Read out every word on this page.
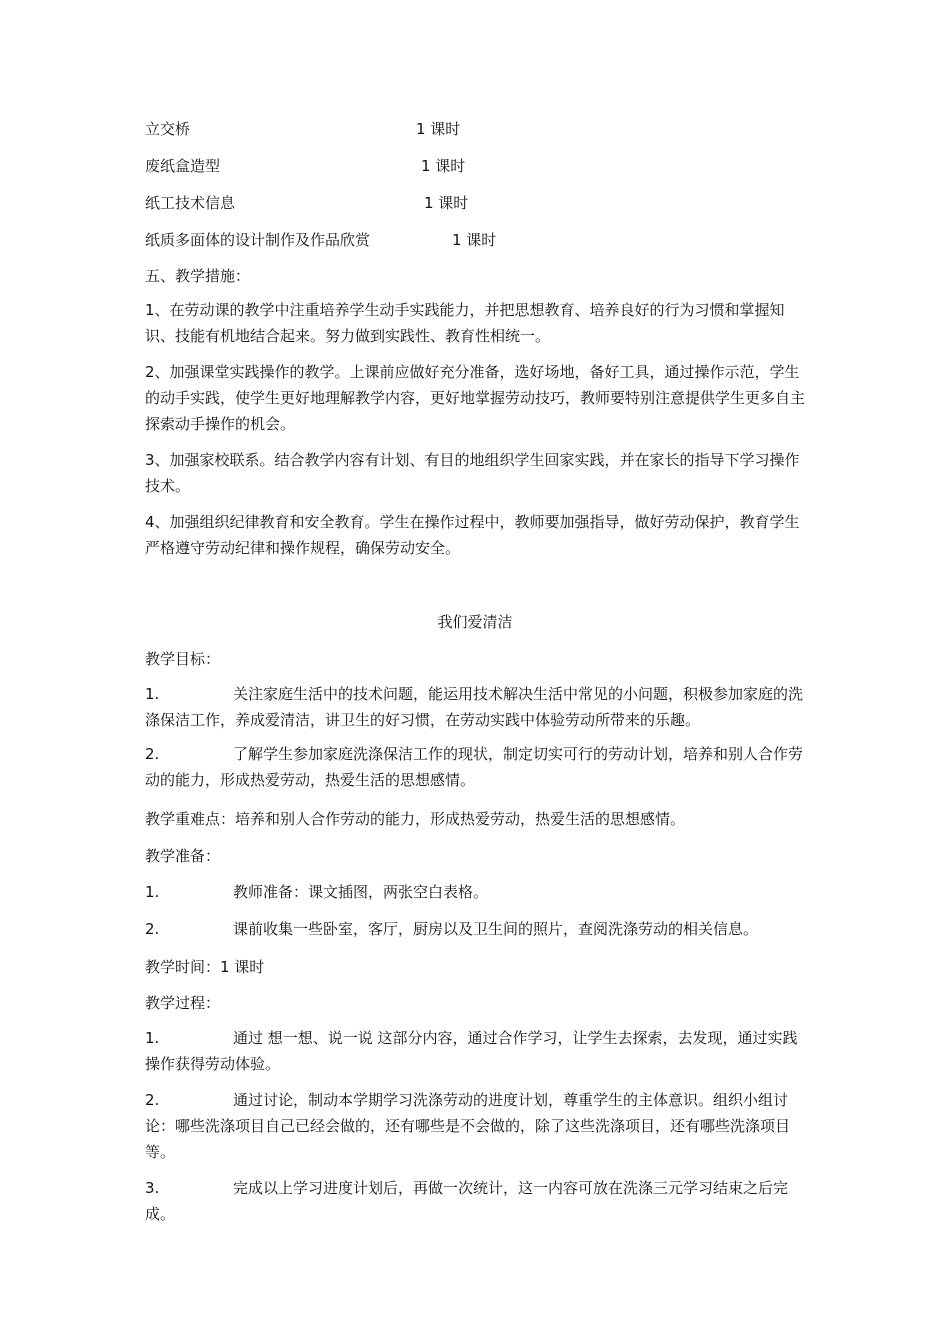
立交桥	1 课时
废纸盒造型	1 课时
纸工技术信息	1 课时
纸质多面体的设计制作及作品欣赏	1 课时
五、教学措施：
1、在劳动课的教学中注重培养学生动手实践能力，并把思想教育、培养良好的行为习惯和掌握知识、技能有机地结合起来。努力做到实践性、教育性相统一。
2、加强课堂实践操作的教学。上课前应做好充分准备，选好场地，备好工具，通过操作示范，学生的动手实践，使学生更好地理解教学内容，更好地掌握劳动技巧，教师要特别注意提供学生更多自主探索动手操作的机会。
3、加强家校联系。结合教学内容有计划、有目的地组织学生回家实践，并在家长的指导下学习操作技术。
4、加强组织纪律教育和安全教育。学生在操作过程中，教师要加强指导，做好劳动保护，教育学生严格遵守劳动纪律和操作规程，确保劳动安全。
我们爱清洁
教学目标：
1.	关注家庭生活中的技术问题，能运用技术解决生活中常见的小问题，积极参加家庭的洗涤保洁工作，养成爱清洁，讲卫生的好习惯，在劳动实践中体验劳动所带来的乐趣。
2.	了解学生参加家庭洗涤保洁工作的现状，制定切实可行的劳动计划，培养和别人合作劳动的能力，形成热爱劳动，热爱生活的思想感情。
教学重难点：培养和别人合作劳动的能力，形成热爱劳动，热爱生活的思想感情。
教学准备：
1.	教师准备：课文插图，两张空白表格。
2.	课前收集一些卧室，客厅，厨房以及卫生间的照片，查阅洗涤劳动的相关信息。
教学时间：1 课时
教学过程：
1.	通过 想一想、说一说 这部分内容，通过合作学习，让学生去探索，去发现，通过实践操作获得劳动体验。
2.	通过讨论，制动本学期学习洗涤劳动的进度计划，尊重学生的主体意识。组织小组讨论：哪些洗涤项目自己已经会做的，还有哪些是不会做的，除了这些洗涤项目，还有哪些洗涤项目等。
3.	完成以上学习进度计划后，再做一次统计，这一内容可放在洗涤三元学习结束之后完成。
